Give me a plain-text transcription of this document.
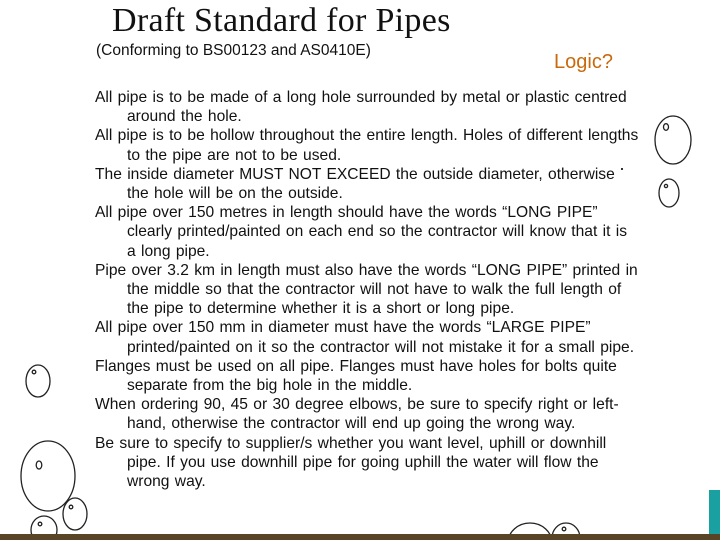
Draft Standard for Pipes
(Conforming to BS00123 and AS0410E)
Logic?
All pipe is to be made of a long hole surrounded by metal or plastic centred around the hole.
All pipe is to be hollow throughout the entire length. Holes of different lengths to the pipe are not to be used.
The inside diameter MUST NOT EXCEED the outside diameter, otherwise the hole will be on the outside.
All pipe over 150 metres in length should have the words “LONG PIPE” clearly printed/painted on each end so the contractor will know that it is a long pipe.
Pipe over 3.2 km in length must also have the words “LONG PIPE” printed in the middle so that the contractor will not have to walk the full length of the pipe to determine whether it is a short or long pipe.
All pipe over 150 mm in diameter must have the words “LARGE PIPE” printed/painted on it so the contractor will not mistake it for a small pipe.
Flanges must be used on all pipe. Flanges must have holes for bolts quite separate from the big hole in the middle.
When ordering 90, 45 or 30 degree elbows, be sure to specify right or left-hand, otherwise the contractor will end up going the wrong way.
Be sure to specify to supplier/s whether you want level, uphill or downhill pipe. If you use downhill pipe for going uphill the water will flow the wrong way.
